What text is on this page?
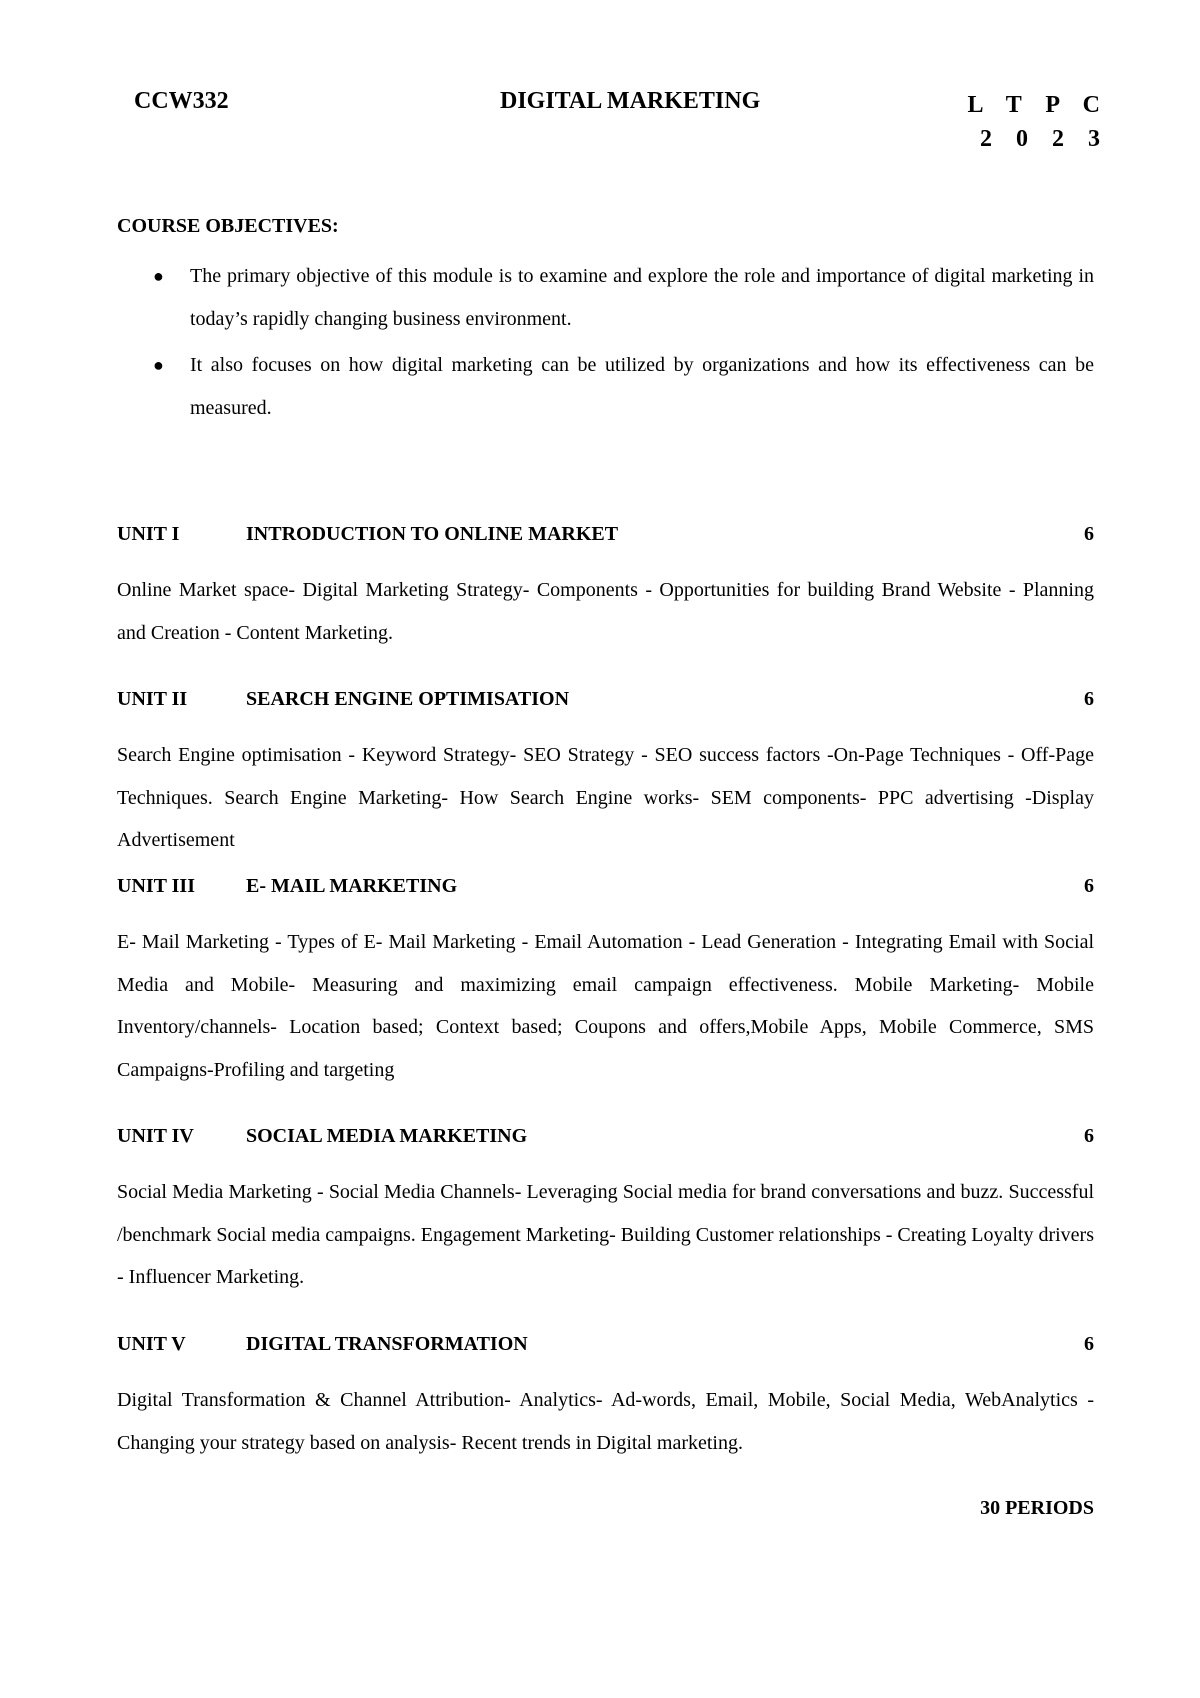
CCW332	DIGITAL MARKETING	L T P C
2 0 2 3
COURSE OBJECTIVES:
● The primary objective of this module is to examine and explore the role and importance of digital marketing in today’s rapidly changing business environment.
● It also focuses on how digital marketing can be utilized by organizations and how its effectiveness can be measured.
UNIT I	INTRODUCTION TO ONLINE MARKET	6
Online Market space- Digital Marketing Strategy- Components - Opportunities for building Brand Website - Planning and Creation - Content Marketing.
UNIT II	SEARCH ENGINE OPTIMISATION	6
Search Engine optimisation - Keyword Strategy- SEO Strategy - SEO success factors -On-Page Techniques - Off-Page Techniques. Search Engine Marketing- How Search Engine works- SEM components- PPC advertising -Display Advertisement
UNIT III	E- MAIL MARKETING	6
E- Mail Marketing - Types of E- Mail Marketing - Email Automation - Lead Generation - Integrating Email with Social Media and Mobile- Measuring and maximizing email campaign effectiveness. Mobile Marketing- Mobile Inventory/channels- Location based; Context based; Coupons and offers,Mobile Apps, Mobile Commerce, SMS Campaigns-Profiling and targeting
UNIT IV	SOCIAL MEDIA MARKETING	6
Social Media Marketing - Social Media Channels- Leveraging Social media for brand conversations and buzz. Successful /benchmark Social media campaigns. Engagement Marketing- Building Customer relationships - Creating Loyalty drivers - Influencer Marketing.
UNIT V	DIGITAL TRANSFORMATION	6
Digital Transformation & Channel Attribution- Analytics- Ad-words, Email, Mobile, Social Media, WebAnalytics - Changing your strategy based on analysis- Recent trends in Digital marketing.
30 PERIODS
